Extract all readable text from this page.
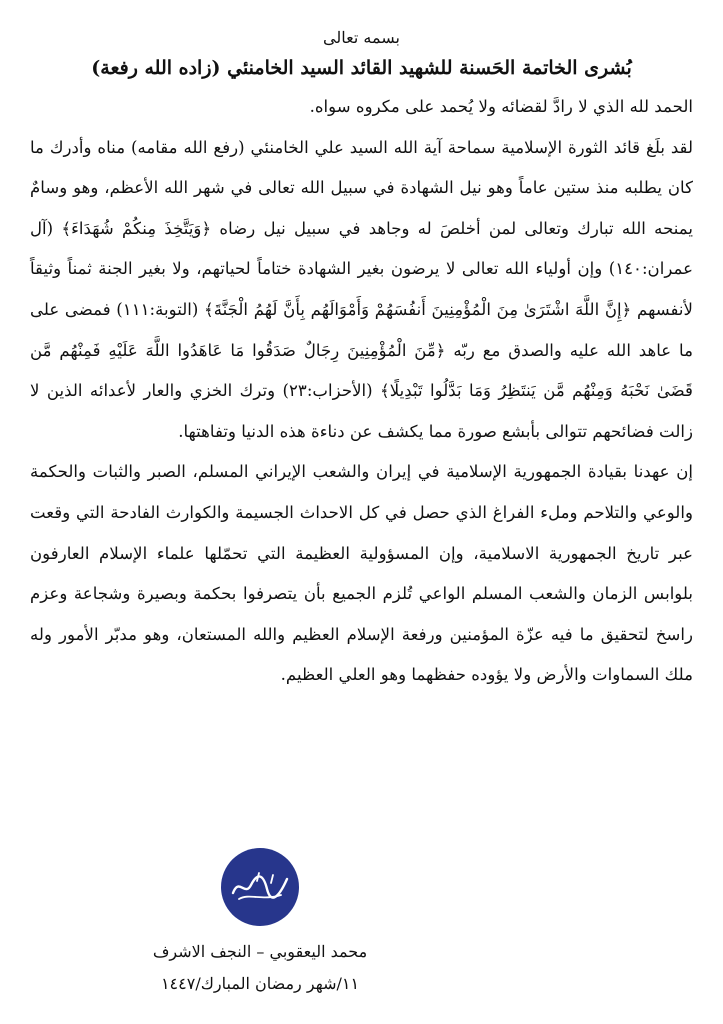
بسمه تعالى
بُشرى الخاتمة الحَسنة للشهيد القائد السيد الخامنئي (زاده الله رفعة)

الحمد لله الذي لا رادَّ لقضائه ولا يُحمد على مكروه سواه.

لقد بلَغ قائد الثورة الإسلامية سماحة آية الله السيد علي الخامنئي (رفع الله مقامه) مناه وأدرك ما كان يطلبه منذ ستين عاماً وهو نيل الشهادة في سبيل الله تعالى في شهر الله الأعظم، وهو وسامٌ يمنحه الله تبارك وتعالى لمن أخلصَ له وجاهد في سبيل نيل رضاه ﴿وَيَتَّخِذَ مِنكُمْ شُهَدَاءَ﴾ (آل عمران:١٤٠) وإن أولياء الله تعالى لا يرضون بغير الشهادة ختاماً لحياتهم، ولا بغير الجنة ثمناً وثيقاً لأنفسهم ﴿إِنَّ اللَّهَ اشْتَرَىٰ مِنَ الْمُؤْمِنِينَ أَنفُسَهُمْ وَأَمْوَالَهُم بِأَنَّ لَهُمُ الْجَنَّةَ﴾ (التوبة:١١١) فمضى على ما عاهد الله عليه والصدق مع ربّه ﴿مِّنَ الْمُؤْمِنِينَ رِجَالٌ صَدَقُوا مَا عَاهَدُوا اللَّهَ عَلَيْهِ فَمِنْهُم مَّن قَضَىٰ نَحْبَهُ وَمِنْهُم مَّن يَنتَظِرُ وَمَا بَدَّلُوا تَبْدِيلًا﴾ (الأحزاب:٢٣) وترك الخزي والعار لأعدائه الذين لا زالت فضائحهم تتوالى بأبشع صورة مما يكشف عن دناءة هذه الدنيا وتفاهتها.

إن عهدنا بقيادة الجمهورية الإسلامية في إيران والشعب الإيراني المسلم، الصبر والثبات والحكمة والوعي والتلاحم وملء الفراغ الذي حصل في كل الاحداث الجسيمة والكوارث الفادحة التي وقعت عبر تاريخ الجمهورية الاسلامية، وإن المسؤولية العظيمة التي تحمّلها علماء الإسلام العارفون بلوابس الزمان والشعب المسلم الواعي تُلزم الجميع بأن يتصرفوا بحكمة وبصيرة وشجاعة وعزم راسخ لتحقيق ما فيه عزّة المؤمنين ورفعة الإسلام العظيم والله المستعان، وهو مدبّر الأمور وله ملك السماوات والأرض ولا يؤوده حفظهما وهو العلي العظيم.

محمد اليعقوبي – النجف الاشرف
١١/شهر رمضان المبارك/١٤٤٧
